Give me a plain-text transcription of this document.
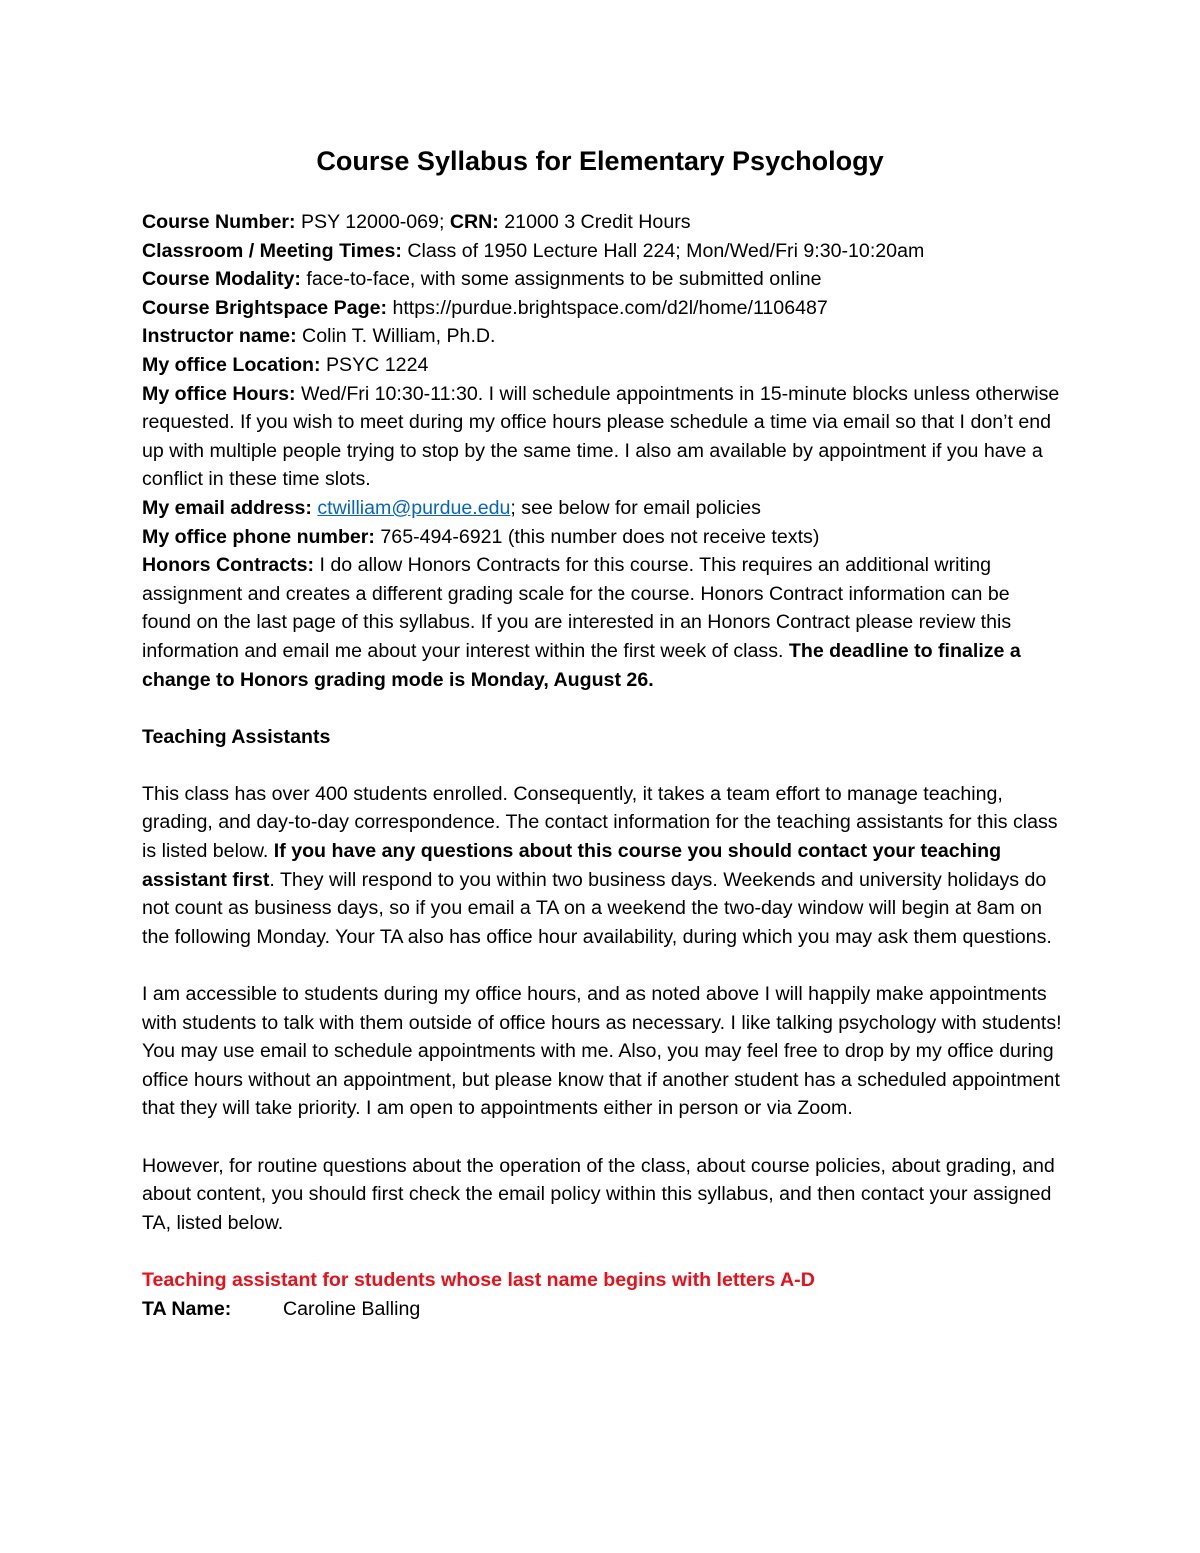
Course Syllabus for Elementary Psychology

Course Number: PSY 12000-069; CRN: 21000 3 Credit Hours

Classroom / Meeting Times: Class of 1950 Lecture Hall 224; Mon/Wed/Fri 9:30-10:20am

Course Modality: face-to-face, with some assignments to be submitted online

Course Brightspace Page: https://purdue.brightspace.com/d2l/home/1106487

Instructor name: Colin T. William, Ph.D.

My office Location: PSYC 1224

My office Hours: Wed/Fri 10:30-11:30. I will schedule appointments in 15-minute blocks unless otherwise requested. If you wish to meet during my office hours please schedule a time via email so that I don’t end up with multiple people trying to stop by the same time. I also am available by appointment if you have a conflict in these time slots.

My email address: ctwilliam@purdue.edu; see below for email policies

My office phone number: 765-494-6921 (this number does not receive texts)

Honors Contracts: I do allow Honors Contracts for this course. This requires an additional writing assignment and creates a different grading scale for the course. Honors Contract information can be found on the last page of this syllabus. If you are interested in an Honors Contract please review this information and email me about your interest within the first week of class. The deadline to finalize a change to Honors grading mode is Monday, August 26.

Teaching Assistants

This class has over 400 students enrolled. Consequently, it takes a team effort to manage teaching, grading, and day-to-day correspondence. The contact information for the teaching assistants for this class is listed below. If you have any questions about this course you should contact your teaching assistant first. They will respond to you within two business days. Weekends and university holidays do not count as business days, so if you email a TA on a weekend the two-day window will begin at 8am on the following Monday. Your TA also has office hour availability, during which you may ask them questions.

I am accessible to students during my office hours, and as noted above I will happily make appointments with students to talk with them outside of office hours as necessary. I like talking psychology with students! You may use email to schedule appointments with me. Also, you may feel free to drop by my office during office hours without an appointment, but please know that if another student has a scheduled appointment that they will take priority. I am open to appointments either in person or via Zoom.

However, for routine questions about the operation of the class, about course policies, about grading, and about content, you should first check the email policy within this syllabus, and then contact your assigned TA, listed below.

Teaching assistant for students whose last name begins with letters A-D

TA Name:	Caroline Balling
